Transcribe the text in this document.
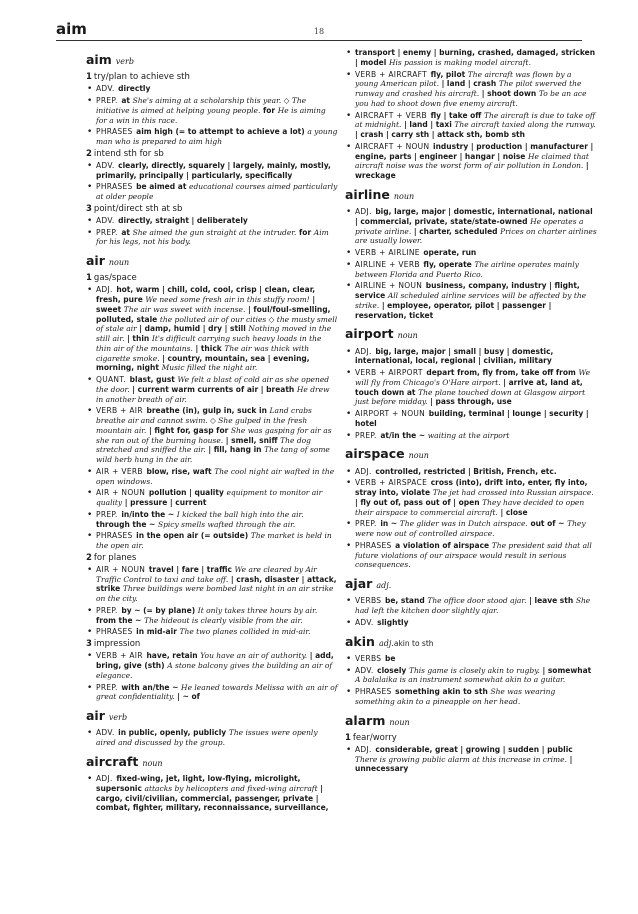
aim	18
aim verb
1 try/plan to achieve sth
• ADV. directly
• PREP. at She's aiming at a scholarship this year. ◇ The initiative is aimed at helping young people. for He is aiming for a win in this race.
• PHRASES aim high (= to attempt to achieve a lot) a young man who is prepared to aim high
2 intend sth for sb
• ADV. clearly, directly, squarely | largely, mainly, mostly, primarily, principally | particularly, specifically
• PHRASES be aimed at educational courses aimed particularly at older people
3 point/direct sth at sb
• ADV. directly, straight | deliberately
• PREP. at She aimed the gun straight at the intruder. for Aim for his legs, not his body.
air noun
1 gas/space
• ADJ. hot, warm | chill, cold, cool, crisp | clean, clear, fresh, pure We need some fresh air in this stuffy room! | sweet The air was sweet with incense. | foul/foul-smelling, polluted, stale the polluted air of our cities ◇ the musty smell of stale air | damp, humid | dry | still Nothing moved in the still air. | thin It's difficult carrying such heavy loads in the thin air of the mountains. | thick The air was thick with cigarette smoke. | country, mountain, sea | evening, morning, night Music filled the night air.
• QUANT. blast, gust We felt a blast of cold air as she opened the door. | current warm currents of air | breath He drew in another breath of air.
• VERB + AIR breathe (in), gulp in, suck in Land crabs breathe air and cannot swim. ◇ She gulped in the fresh mountain air. | fight for, gasp for She was gasping for air as she ran out of the burning house. | smell, sniff The dog stretched and sniffed the air. | fill, hang in The tang of some wild herb hung in the air.
• AIR + VERB blow, rise, waft The cool night air wafted in the open windows.
• AIR + NOUN pollution | quality equipment to monitor air quality | pressure | current
• PREP. in/into the ~ I kicked the ball high into the air. through the ~ Spicy smells wafted through the air.
• PHRASES in the open air (= outside) The market is held in the open air.
2 for planes
• AIR + NOUN travel | fare | traffic We are cleared by Air Traffic Control to taxi and take off. | crash, disaster | attack, strike Three buildings were bombed last night in an air strike on the city.
• PREP. by ~ (= by plane) It only takes three hours by air. from the ~ The hideout is clearly visible from the air.
• PHRASES in mid-air The two planes collided in mid-air.
3 impression
• VERB + AIR have, retain You have an air of authority. | add, bring, give (sth) A stone balcony gives the building an air of elegance.
• PREP. with an/the ~ He leaned towards Melissa with an air of great confidentiality. | ~ of
air verb
• ADV. in public, openly, publicly The issues were openly aired and discussed by the group.
aircraft noun
• ADJ. fixed-wing, jet, light, low-flying, microlight, supersonic attacks by helicopters and fixed-wing aircraft | cargo, civil/civilian, commercial, passenger, private | combat, fighter, military, reconnaissance, surveillance,
• transport | enemy | burning, crashed, damaged, stricken | model His passion is making model aircraft.
• VERB + AIRCRAFT fly, pilot The aircraft was flown by a young American pilot. | land | crash The pilot swerved the runway and crashed his aircraft. | shoot down To be an ace you had to shoot down five enemy aircraft.
• AIRCRAFT + VERB fly | take off The aircraft is due to take off at midnight. | land | taxi The aircraft taxied along the runway. | crash | carry sth | attack sth, bomb sth
• AIRCRAFT + NOUN industry | production | manufacturer | engine, parts | engineer | hangar | noise He claimed that aircraft noise was the worst form of air pollution in London. | wreckage
airline noun
• ADJ. big, large, major | domestic, international, national | commercial, private, state/state-owned He operates a private airline. | charter, scheduled Prices on charter airlines are usually lower.
• VERB + AIRLINE operate, run
• AIRLINE + VERB fly, operate The airline operates mainly between Florida and Puerto Rico.
• AIRLINE + NOUN business, company, industry | flight, service All scheduled airline services will be affected by the strike. | employee, operator, pilot | passenger | reservation, ticket
airport noun
• ADJ. big, large, major | small | busy | domestic, international, local, regional | civilian, military
• VERB + AIRPORT depart from, fly from, take off from We will fly from Chicago's O'Hare airport. | arrive at, land at, touch down at The plane touched down at Glasgow airport just before midday. | pass through, use
• AIRPORT + NOUN building, terminal | lounge | security | hotel
• PREP. at/in the ~ waiting at the airport
airspace noun
• ADJ. controlled, restricted | British, French, etc.
• VERB + AIRSPACE cross (into), drift into, enter, fly into, stray into, violate The jet had crossed into Russian airspace. | fly out of, pass out of | open They have decided to open their airspace to commercial aircraft. | close
• PREP. in ~ The glider was in Dutch airspace. out of ~ They were now out of controlled airspace.
• PHRASES a violation of airspace The president said that all future violations of our airspace would result in serious consequences.
ajar adj.
• VERBS be, stand The office door stood ajar. | leave sth She had left the kitchen door slightly ajar.
• ADV. slightly
akin adj.akin to sth
• VERBS be
• ADV. closely This game is closely akin to rugby. | somewhat A balalaika is an instrument somewhat akin to a guitar.
• PHRASES something akin to sth She was wearing something akin to a pineapple on her head.
alarm noun
1 fear/worry
• ADJ. considerable, great | growing | sudden | public There is growing public alarm at this increase in crime. | unnecessary
